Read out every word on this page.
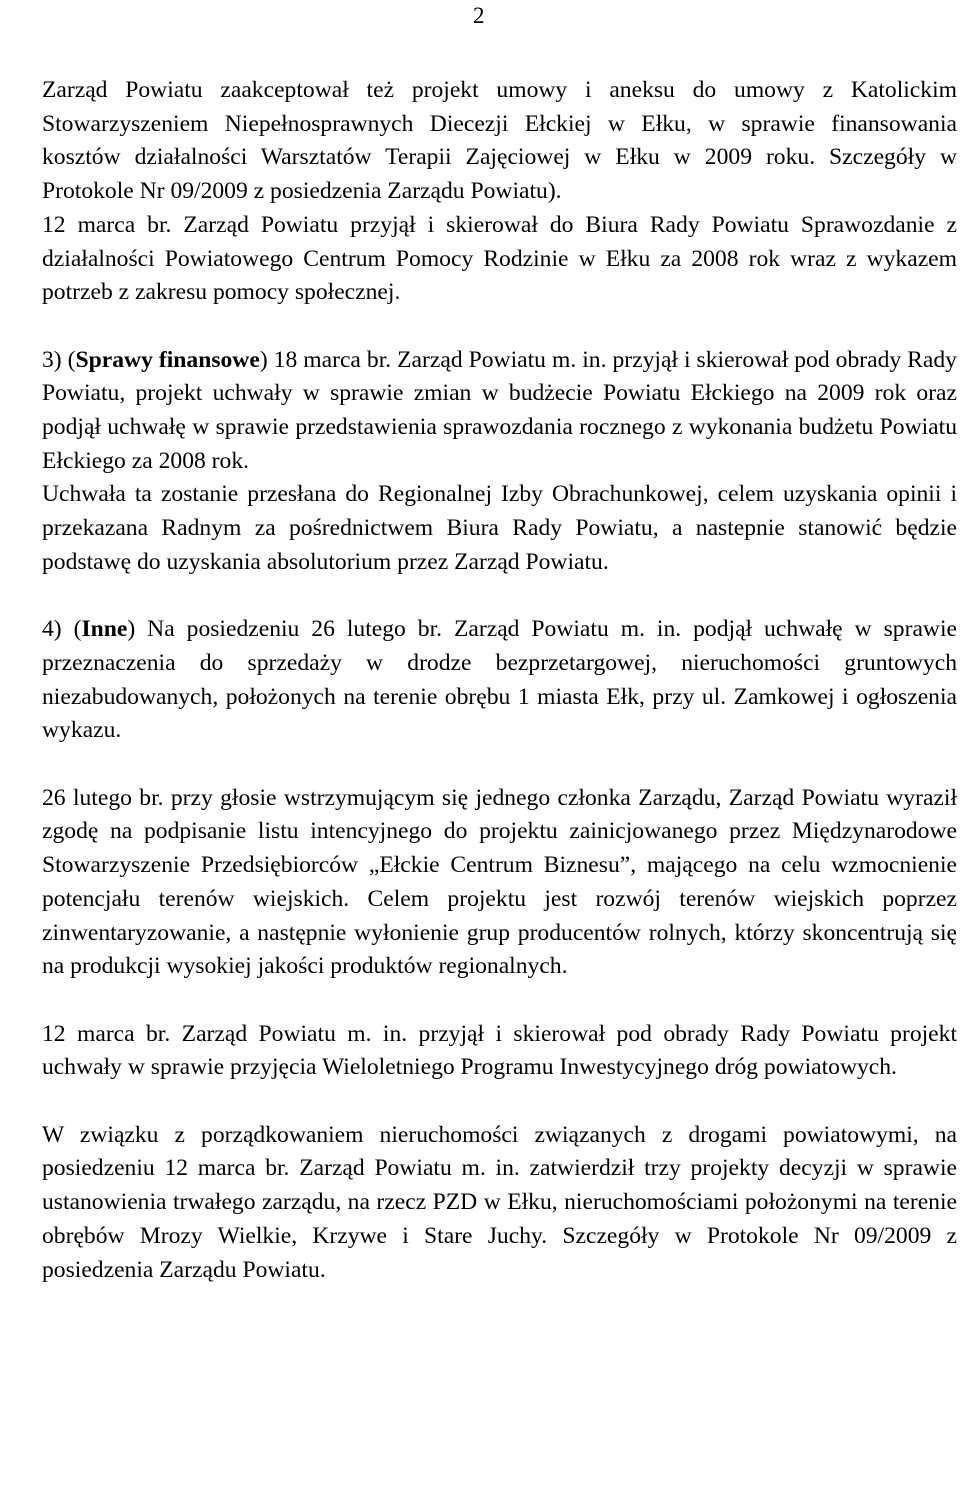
2

Zarząd Powiatu zaakceptował też projekt umowy i aneksu do umowy z Katolickim Stowarzyszeniem Niepełnosprawnych Diecezji Ełckiej w Ełku, w sprawie finansowania kosztów działalności Warsztatów Terapii Zajęciowej w Ełku w 2009 roku. Szczegóły w Protokole Nr 09/2009 z posiedzenia Zarządu Powiatu).

12 marca br. Zarząd Powiatu przyjął i skierował do Biura Rady Powiatu Sprawozdanie z działalności Powiatowego Centrum Pomocy Rodzinie w Ełku za 2008 rok wraz z wykazem potrzeb z zakresu pomocy społecznej.

3) (Sprawy finansowe) 18 marca br. Zarząd Powiatu m. in. przyjął i skierował pod obrady Rady Powiatu, projekt uchwały w sprawie zmian w budżecie Powiatu Ełckiego na 2009 rok oraz podjął uchwałę w sprawie przedstawienia sprawozdania rocznego z wykonania budżetu Powiatu Ełckiego za 2008 rok.

Uchwała ta zostanie przesłana do Regionalnej Izby Obrachunkowej, celem uzyskania opinii i przekazana Radnym za pośrednictwem Biura Rady Powiatu, a nastepnie stanowić będzie podstawę do uzyskania absolutorium przez Zarząd Powiatu.

4) (Inne) Na posiedzeniu 26 lutego br. Zarząd Powiatu m. in. podjął uchwałę w sprawie przeznaczenia do sprzedaży w drodze bezprzetargowej, nieruchomości gruntowych niezabudowanych, położonych na terenie obrębu 1 miasta Ełk, przy ul. Zamkowej i ogłoszenia wykazu.

26 lutego br. przy głosie wstrzymującym się jednego członka Zarządu, Zarząd Powiatu wyraził zgodę na podpisanie listu intencyjnego do projektu zainicjowanego przez Międzynarodowe Stowarzyszenie Przedsiębiorców „Ełckie Centrum Biznesu”, mającego na celu wzmocnienie potencjału terenów wiejskich. Celem projektu jest rozwój terenów wiejskich poprzez zinwentaryzowanie, a następnie wyłonienie grup producentów rolnych, którzy skoncentrują się na produkcji wysokiej jakości produktów regionalnych.

12 marca br. Zarząd Powiatu m. in. przyjął i skierował pod obrady Rady Powiatu projekt uchwały w sprawie przyjęcia Wieloletniego Programu Inwestycyjnego dróg powiatowych.

W związku z porządkowaniem nieruchomości związanych z drogami powiatowymi, na posiedzeniu 12 marca br. Zarząd Powiatu m. in. zatwierdził trzy projekty decyzji w sprawie ustanowienia trwałego zarządu, na rzecz PZD w Ełku, nieruchomościami położonymi na terenie obrębów Mrozy Wielkie, Krzywe i Stare Juchy. Szczegóły w Protokole Nr 09/2009 z posiedzenia Zarządu Powiatu.
